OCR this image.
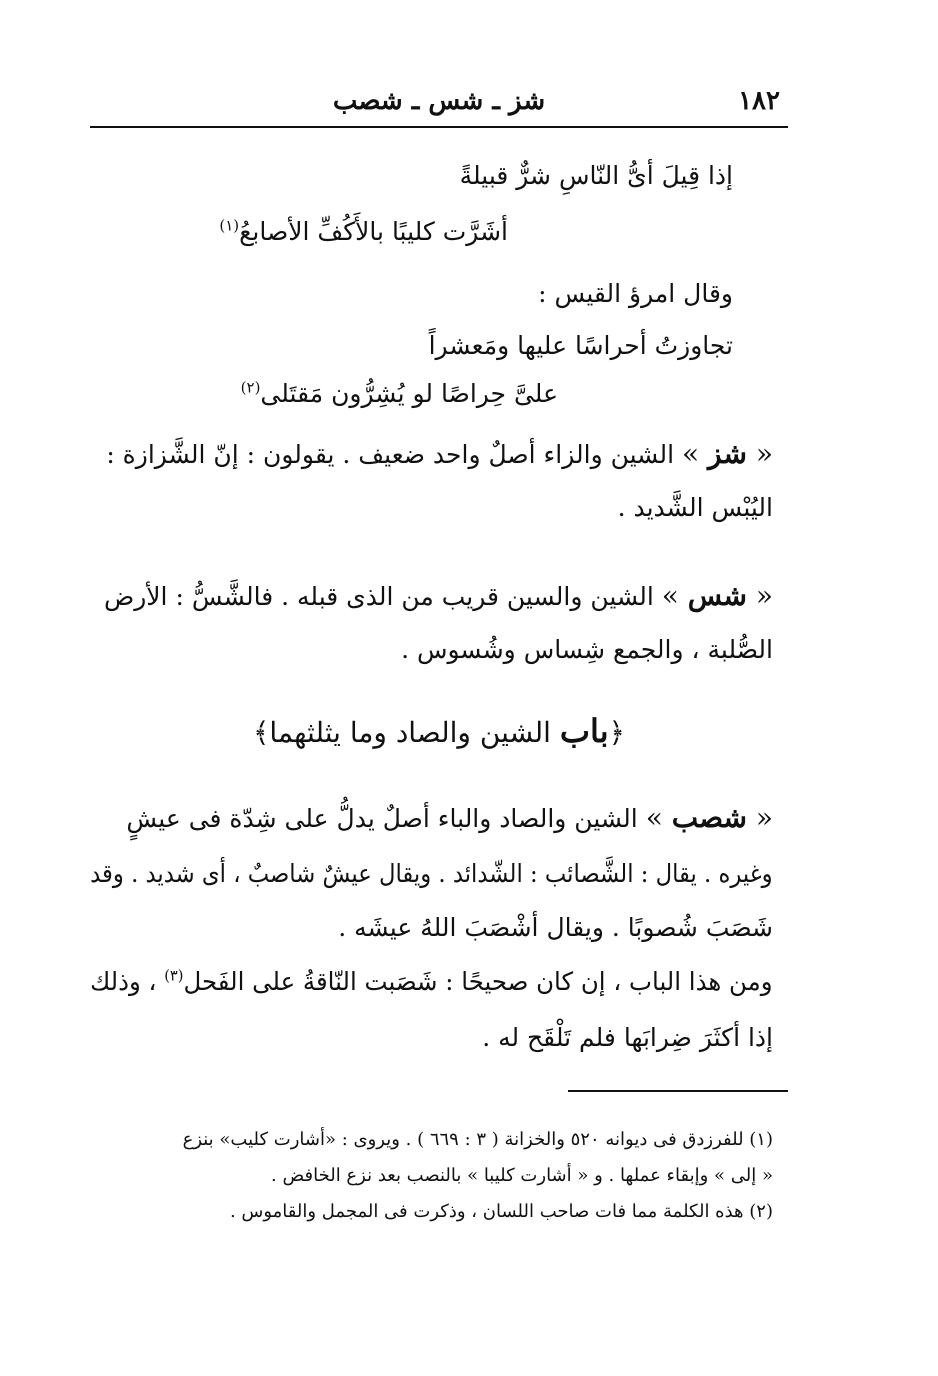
١٨٢
شز ـ شس ـ شصب
إذا قِيلَ أىُّ النّاسِ شرٌّ قبيلةً
أشَرَّت كليبًا بالأَكُفِّ الأصابعُ$^{(١)}$
وقال امرؤ القيس :
تجاوزتُ أحراسًا عليها ومَعشراً
علىَّ حِراصًا لو يُشِرُّون مَقتَلى$^{(٢)}$
« شز » الشين والزاء أصلٌ واحد ضعيف . يقولون : إنّ الشَّزازة :
اليُبْس الشَّديد .
« شس » الشين والسين قريب من الذى قبله . فالشَّسُّ : الأرض
الصُّلبة ، والجمع شِساس وشُسوس .
﴿باب الشين والصاد وما يثلثهما﴾
« شصب » الشين والصاد والباء أصلٌ يدلُّ على شِدّة فى عيشٍ
وغيره . يقال : الشَّصائب : الشّدائد . ويقال عيشٌ شاصبٌ ، أى شديد . وقد
شَصَبَ شُصوبًا . ويقال أشْصَبَ اللهُ عيشَه .
ومن هذا الباب ، إن كان صحيحًا : شَصَبت النّاقةُ على الفَحل$^{(٣)}$ ، وذلك
إذا أكثَرَ ضِرابَها فلم تَلْقَح له .
(١) للفرزدق فى ديوانه ٥٢٠ والخزانة ( ٣ : ٦٦٩ ) . ويروى : «أشارت كليب» بنزع
« إلى » وإبقاء عملها . و « أشارت كليبا » بالنصب بعد نزع الخافض .
(٢) هذه الكلمة مما فات صاحب اللسان ، وذكرت فى المجمل والقاموس .
